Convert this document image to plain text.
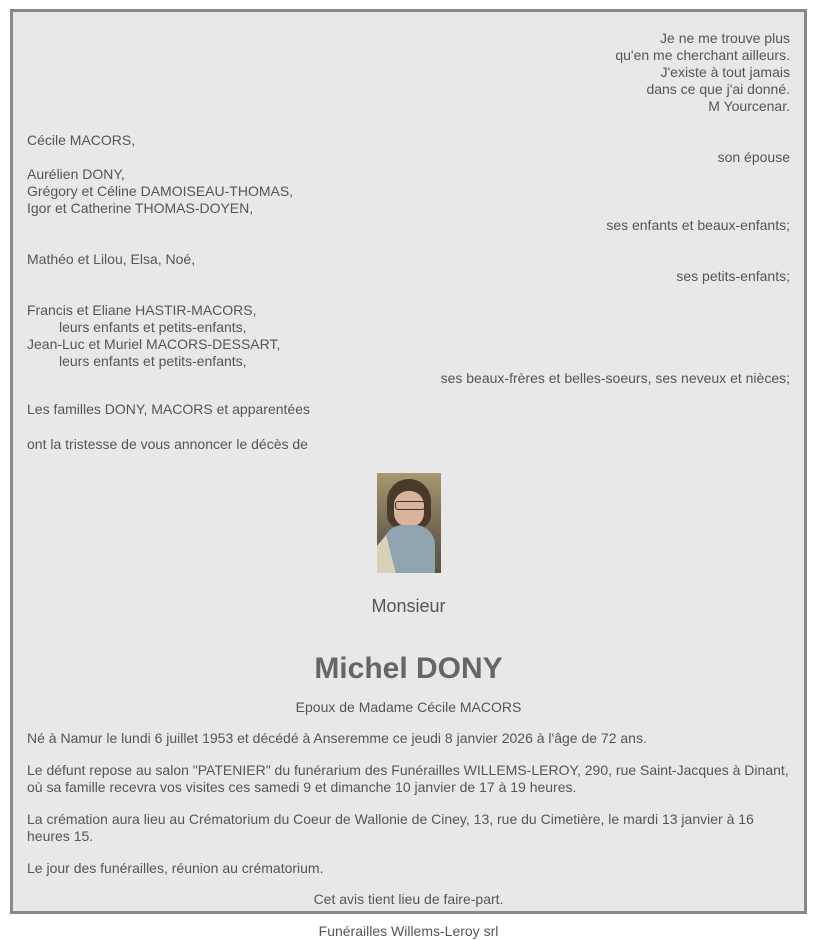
Je ne me trouve plus

qu'en me cherchant ailleurs.

J'existe à tout jamais

dans ce que j'ai donné.

M Yourcenar.

Cécile MACORS,

son épouse

Aurélien DONY,

Grégory et Céline DAMOISEAU-THOMAS,

Igor et Catherine THOMAS-DOYEN,

ses enfants et beaux-enfants;

Mathéo et Lilou, Elsa, Noé,

ses petits-enfants;

Francis et Eliane HASTIR-MACORS,

leurs enfants et petits-enfants,

Jean-Luc et Muriel MACORS-DESSART,

leurs enfants et petits-enfants,

ses beaux-frères et belles-soeurs, ses neveux et nièces;

Les familles DONY, MACORS et apparentées

ont la tristesse de vous annoncer le décès de

Monsieur

Michel DONY

Epoux de Madame Cécile MACORS

Né à Namur le lundi 6 juillet 1953 et décédé à Anseremme ce jeudi 8 janvier 2026 à l'âge de 72 ans.

Le défunt repose au salon "PATENIER" du funérarium des Funérailles WILLEMS-LEROY, 290, rue Saint-Jacques à Dinant, où sa famille recevra vos visites ces samedi 9 et dimanche 10 janvier de 17 à 19 heures.

La crémation aura lieu au Crématorium du Coeur de Wallonie de Ciney, 13, rue du Cimetière, le mardi 13 janvier à 16 heures 15.

Le jour des funérailles, réunion au crématorium.

Cet avis tient lieu de faire-part.

Funérailles Willems-Leroy srl
